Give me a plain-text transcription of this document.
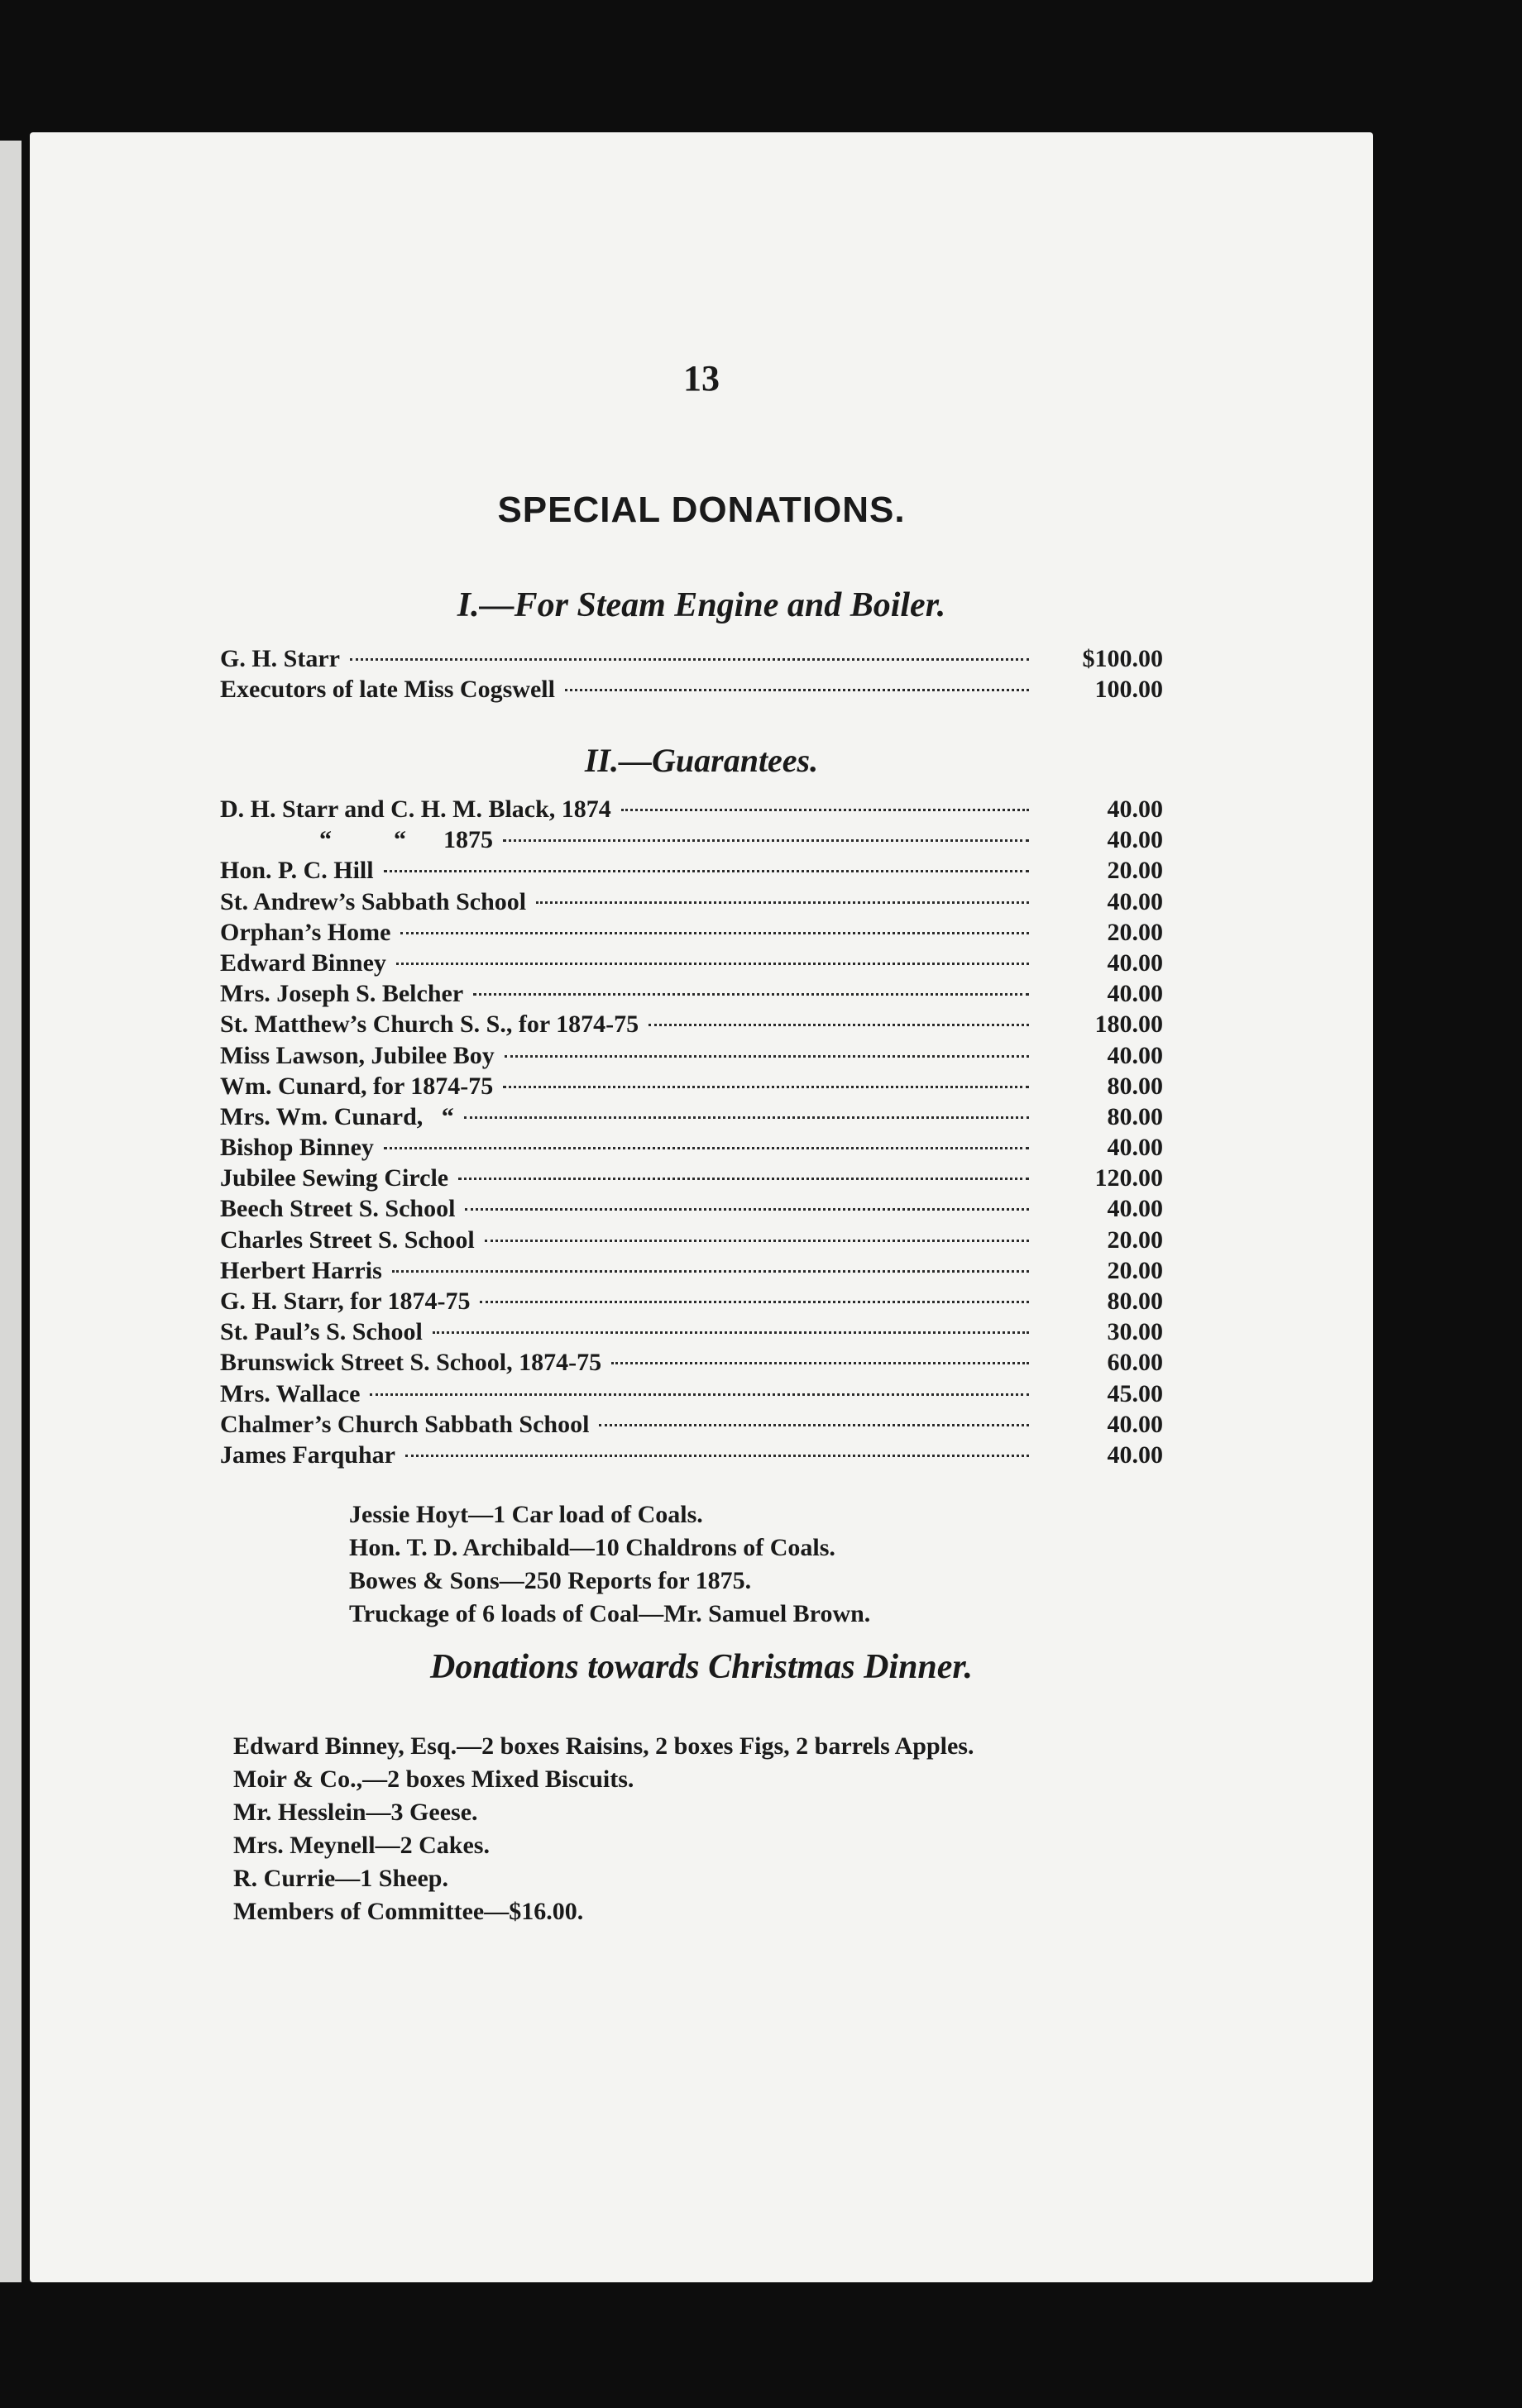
13
SPECIAL DONATIONS.
I.—For Steam Engine and Boiler.
G. H. Starr	$100.00
Executors of late Miss Cogswell	100.00
II.—Guarantees.
D. H. Starr and C. H. M. Black, 1874	40.00
“          “      1875	40.00
Hon. P. C. Hill	20.00
St. Andrew’s Sabbath School	40.00
Orphan’s Home	20.00
Edward Binney	40.00
Mrs. Joseph S. Belcher	40.00
St. Matthew’s Church S. S., for 1874-75	180.00
Miss Lawson, Jubilee Boy	40.00
Wm. Cunard, for 1874-75	80.00
Mrs. Wm. Cunard,   “	80.00
Bishop Binney	40.00
Jubilee Sewing Circle	120.00
Beech Street S. School	40.00
Charles Street S. School	20.00
Herbert Harris	20.00
G. H. Starr, for 1874-75	80.00
St. Paul’s S. School	30.00
Brunswick Street S. School, 1874-75	60.00
Mrs. Wallace	45.00
Chalmer’s Church Sabbath School	40.00
James Farquhar	40.00
Jessie Hoyt—1 Car load of Coals.
Hon. T. D. Archibald—10 Chaldrons of Coals.
Bowes & Sons—250 Reports for 1875.
Truckage of 6 loads of Coal—Mr. Samuel Brown.
Donations towards Christmas Dinner.
Edward Binney, Esq.—2 boxes Raisins, 2 boxes Figs, 2 barrels Apples.
Moir & Co.,—2 boxes Mixed Biscuits.
Mr. Hesslein—3 Geese.
Mrs. Meynell—2 Cakes.
R. Currie—1 Sheep.
Members of Committee—$16.00.
